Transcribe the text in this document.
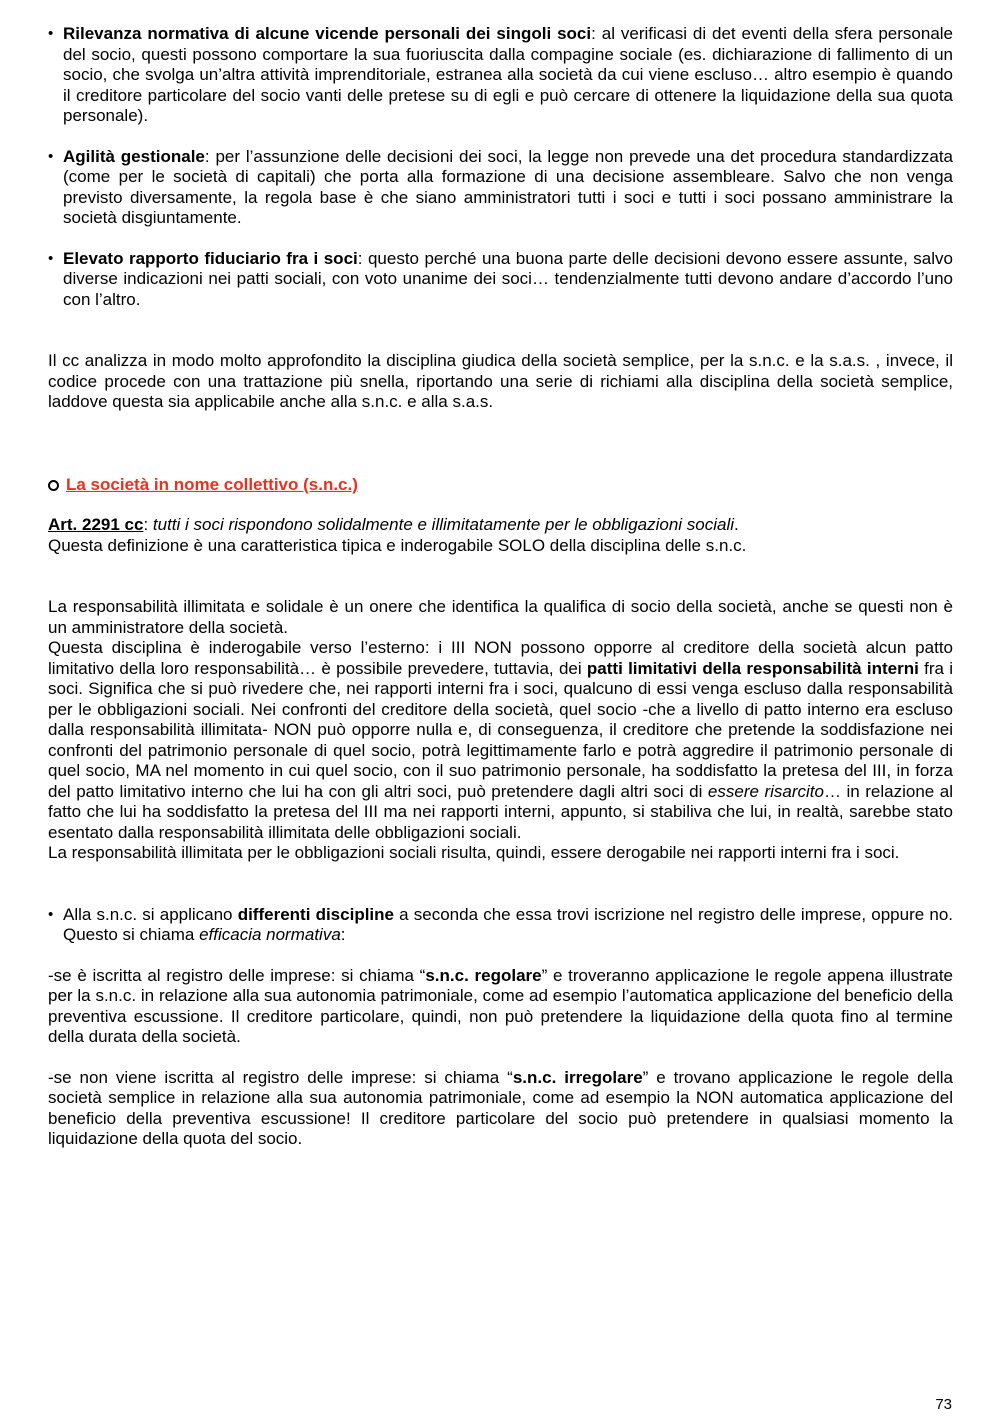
• Rilevanza normativa di alcune vicende personali dei singoli soci: al verificasi di det eventi della sfera personale del socio, questi possono comportare la sua fuoriuscita dalla compagine sociale (es. dichiarazione di fallimento di un socio, che svolga un’altra attività imprenditoriale, estranea alla società da cui viene escluso… altro esempio è quando il creditore particolare del socio vanti delle pretese su di egli e può cercare di ottenere la liquidazione della sua quota personale).

• Agilità gestionale: per l’assunzione delle decisioni dei soci, la legge non prevede una det procedura standardizzata (come per le società di capitali) che porta alla formazione di una decisione assembleare. Salvo che non venga previsto diversamente, la regola base è che siano amministratori tutti i soci e tutti i soci possano amministrare la società disgiuntamente.

• Elevato rapporto fiduciario fra i soci: questo perché una buona parte delle decisioni devono essere assunte, salvo diverse indicazioni nei patti sociali, con voto unanime dei soci… tendenzialmente tutti devono andare d’accordo l’uno con l’altro.

Il cc analizza in modo molto approfondito la disciplina giudica della società semplice, per la s.n.c. e la s.a.s. , invece, il codice procede con una trattazione più snella, riportando una serie di richiami alla disciplina della società semplice, laddove questa sia applicabile anche alla s.n.c. e alla s.a.s.

La società in nome collettivo (s.n.c.)

Art. 2291 cc: tutti i soci rispondono solidalmente e illimitatamente per le obbligazioni sociali.

Questa definizione è una caratteristica tipica e inderogabile SOLO della disciplina delle s.n.c.

La responsabilità illimitata e solidale è un onere che identifica la qualifica di socio della società, anche se questi non è un amministratore della società.

Questa disciplina è inderogabile verso l’esterno: i III NON possono opporre al creditore della società alcun patto limitativo della loro responsabilità… è possibile prevedere, tuttavia, dei patti limitativi della responsabilità interni fra i soci. Significa che si può rivedere che, nei rapporti interni fra i soci, qualcuno di essi venga escluso dalla responsabilità per le obbligazioni sociali. Nei confronti del creditore della società, quel socio -che a livello di patto interno era escluso dalla responsabilità illimitata- NON può opporre nulla e, di conseguenza, il creditore che pretende la soddisfazione nei confronti del patrimonio personale di quel socio, potrà legittimamente farlo e potrà aggredire il patrimonio personale di quel socio, MA nel momento in cui quel socio, con il suo patrimonio personale, ha soddisfatto la pretesa del III, in forza del patto limitativo interno che lui ha con gli altri soci, può pretendere dagli altri soci di essere risarcito… in relazione al fatto che lui ha soddisfatto la pretesa del III ma nei rapporti interni, appunto, si stabiliva che lui, in realtà, sarebbe stato esentato dalla responsabilità illimitata delle obbligazioni sociali.

La responsabilità illimitata per le obbligazioni sociali risulta, quindi, essere derogabile nei rapporti interni fra i soci.

• Alla s.n.c. si applicano differenti discipline a seconda che essa trovi iscrizione nel registro delle imprese, oppure no. Questo si chiama efficacia normativa:

-se è iscritta al registro delle imprese: si chiama “s.n.c. regolare” e troveranno applicazione le regole appena illustrate per la s.n.c. in relazione alla sua autonomia patrimoniale, come ad esempio l’automatica applicazione del beneficio della preventiva escussione. Il creditore particolare, quindi, non può pretendere la liquidazione della quota fino al termine della durata della società.

-se non viene iscritta al registro delle imprese: si chiama “s.n.c. irregolare” e trovano applicazione le regole della società semplice in relazione alla sua autonomia patrimoniale, come ad esempio la NON automatica applicazione del beneficio della preventiva escussione! Il creditore particolare del socio può pretendere in qualsiasi momento la liquidazione della quota del socio.

73
